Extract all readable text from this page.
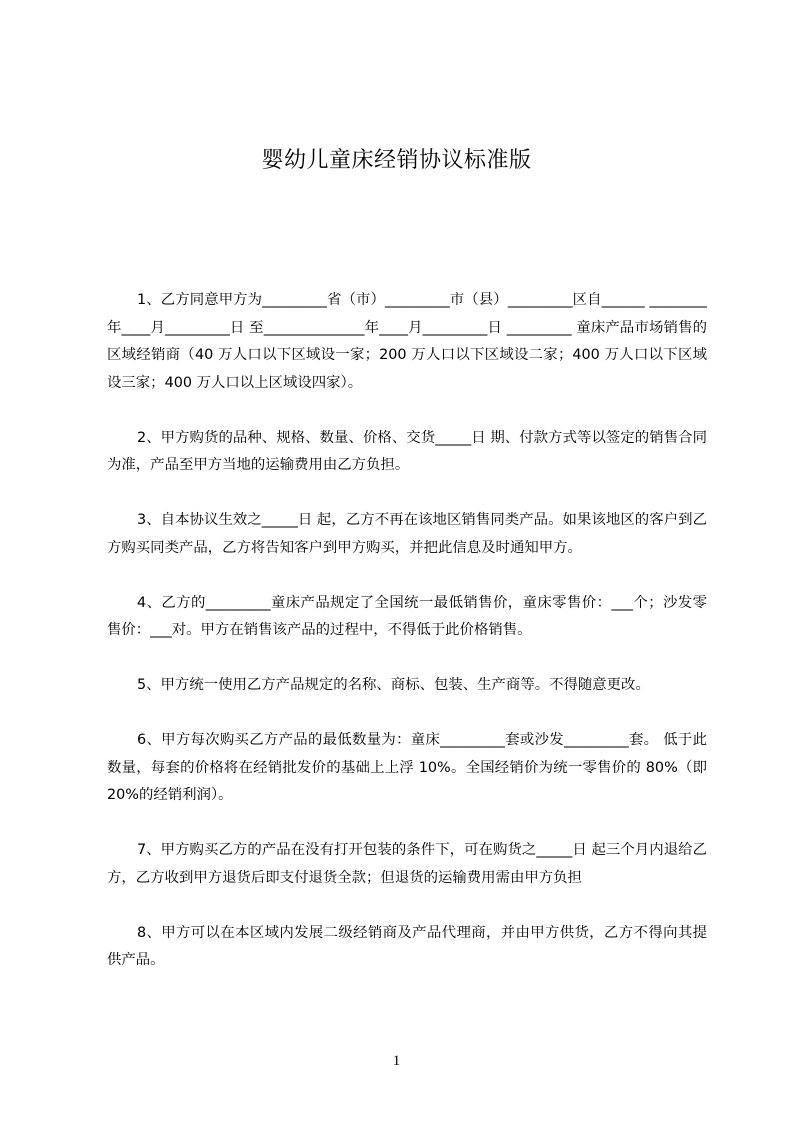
婴幼儿童床经销协议标准版

1、乙方同意甲方为_________省（市）_________市（县）_________区自______ ________年____月_________日 至______________年____月_________日 _________ 童床产品市场销售的区域经销商（40 万人口以下区域设一家；200 万人口以下区域设二家；400 万人口以下区域设三家；400 万人口以上区域设四家）。

2、甲方购货的品种、规格、数量、价格、交货_____日 期、付款方式等以签定的销售合同为准，产品至甲方当地的运输费用由乙方负担。

3、自本协议生效之_____日 起，乙方不再在该地区销售同类产品。如果该地区的客户到乙方购买同类产品，乙方将告知客户到甲方购买，并把此信息及时通知甲方。

4、乙方的_________童床产品规定了全国统一最低销售价，童床零售价：___个；沙发零售价：___对。甲方在销售该产品的过程中，不得低于此价格销售。

5、甲方统一使用乙方产品规定的名称、商标、包装、生产商等。不得随意更改。

6、甲方每次购买乙方产品的最低数量为：童床_________套或沙发_________套。 低于此数量，每套的价格将在经销批发价的基础上上浮 10%。全国经销价为统一零售价的 80%（即 20%的经销利润）。

7、甲方购买乙方的产品在没有打开包装的条件下，可在购货之_____日 起三个月内退给乙方，乙方收到甲方退货后即支付退货全款；但退货的运输费用需由甲方负担

8、甲方可以在本区域内发展二级经销商及产品代理商，并由甲方供货，乙方不得向其提供产品。

1
